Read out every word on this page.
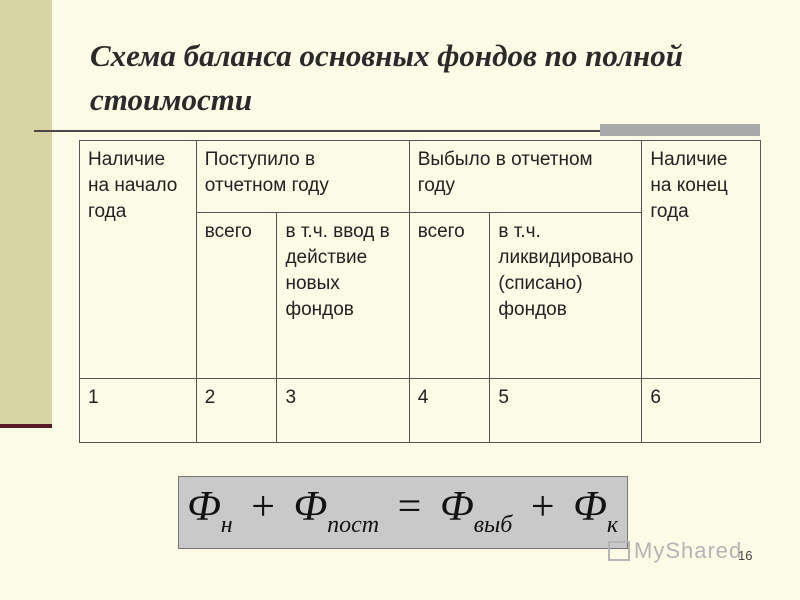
Схема баланса основных фондов по полной стоимости
Наличие на начало года	Поступило в отчетном году		Выбыло в отчетном году		Наличие на конец года
	всего	в т.ч. ввод в действие новых фондов	всего	в т.ч. ликвидировано (списано) фондов	
1	2	3	4	5	6
$Ф_н + Ф_{пост} = Ф_{выб} + Ф_к$
MyShared
16
